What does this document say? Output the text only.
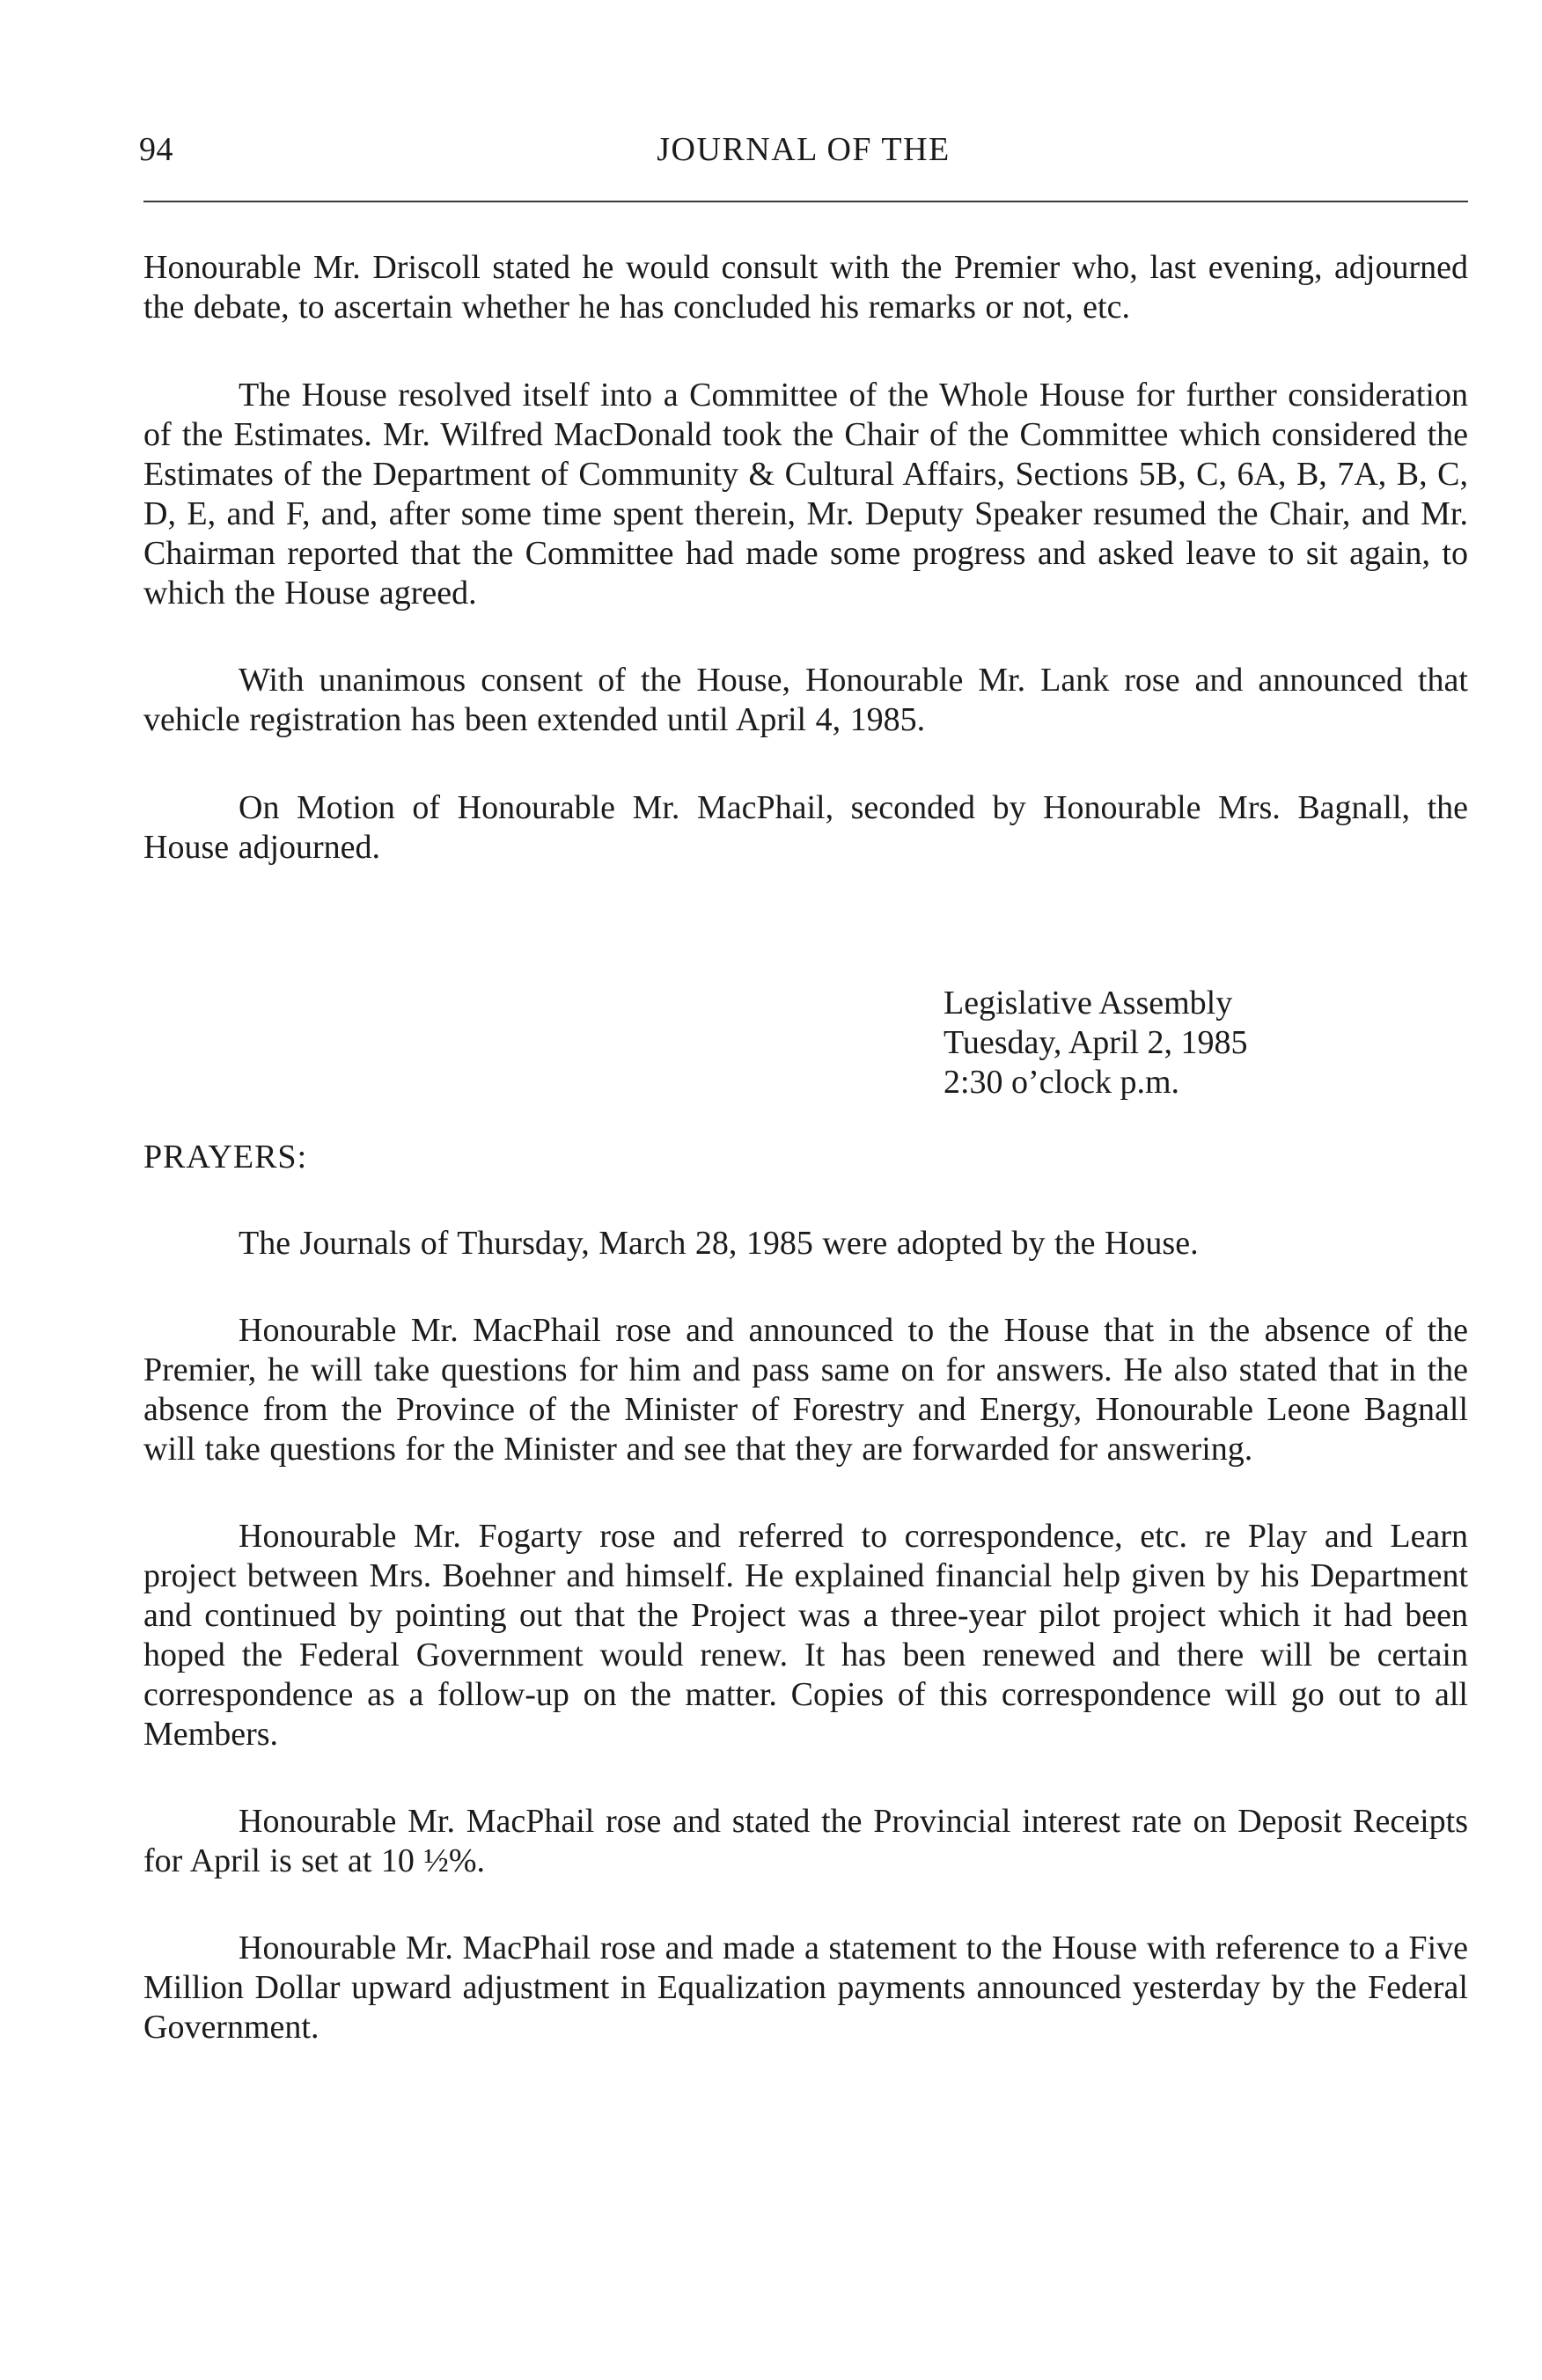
94	JOURNAL OF THE

Honourable Mr. Driscoll stated he would consult with the Premier who, last evening, adjourned the debate, to ascertain whether he has concluded his remarks or not, etc.

The House resolved itself into a Committee of the Whole House for further consideration of the Estimates. Mr. Wilfred MacDonald took the Chair of the Committee which considered the Estimates of the Department of Community & Cultural Affairs, Sections 5B, C, 6A, B, 7A, B, C, D, E, and F, and, after some time spent therein, Mr. Deputy Speaker resumed the Chair, and Mr. Chairman reported that the Committee had made some progress and asked leave to sit again, to which the House agreed.

With unanimous consent of the House, Honourable Mr. Lank rose and announced that vehicle registration has been extended until April 4, 1985.

On Motion of Honourable Mr. MacPhail, seconded by Honourable Mrs. Bagnall, the House adjourned.

Legislative Assembly
Tuesday, April 2, 1985
2:30 o’clock p.m.
PRAYERS:

The Journals of Thursday, March 28, 1985 were adopted by the House.

Honourable Mr. MacPhail rose and announced to the House that in the absence of the Premier, he will take questions for him and pass same on for answers. He also stated that in the absence from the Province of the Minister of Forestry and Energy, Honourable Leone Bagnall will take questions for the Minister and see that they are forwarded for answering.

Honourable Mr. Fogarty rose and referred to correspondence, etc. re Play and Learn project between Mrs. Boehner and himself. He explained financial help given by his Department and continued by pointing out that the Project was a three-year pilot project which it had been hoped the Federal Government would renew. It has been renewed and there will be certain correspondence as a follow-up on the matter. Copies of this correspondence will go out to all Members.

Honourable Mr. MacPhail rose and stated the Provincial interest rate on Deposit Receipts for April is set at 10 ½%.

Honourable Mr. MacPhail rose and made a statement to the House with reference to a Five Million Dollar upward adjustment in Equalization payments announced yesterday by the Federal Government.
